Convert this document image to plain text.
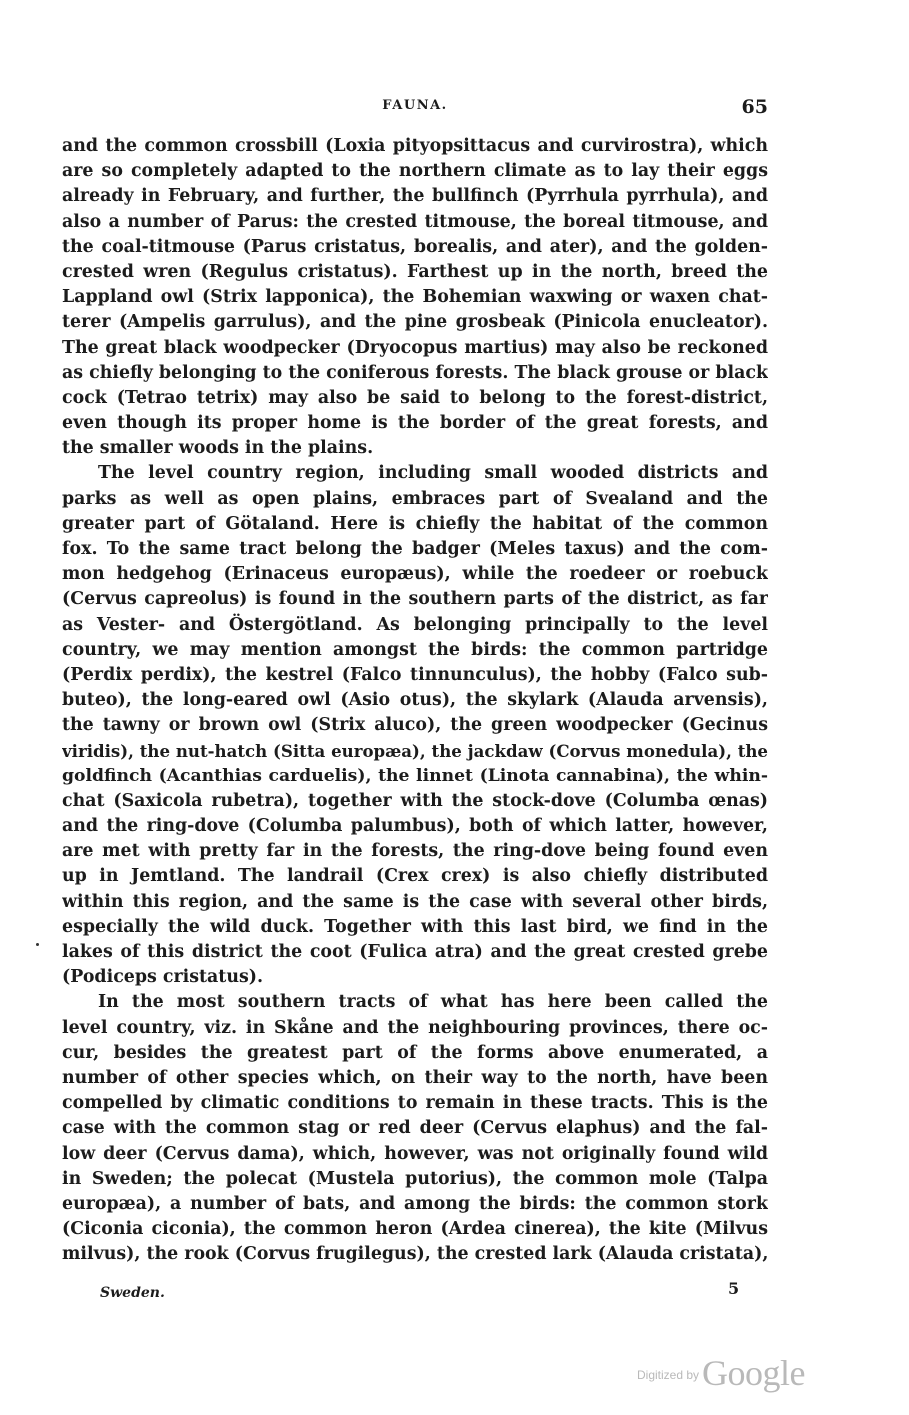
FAUNA.	65
and the common crossbill (Loxia pityopsittacus and curvirostra), which
are so completely adapted to the northern climate as to lay their eggs
already in February, and further, the bullfinch (Pyrrhula pyrrhula), and
also a number of Parus: the crested titmouse, the boreal titmouse, and
the coal-titmouse (Parus cristatus, borealis, and ater), and the golden-
crested wren (Regulus cristatus). Farthest up in the north, breed the
Lappland owl (Strix lapponica), the Bohemian waxwing or waxen chat-
terer (Ampelis garrulus), and the pine grosbeak (Pinicola enucleator).
The great black woodpecker (Dryocopus martius) may also be reckoned
as chiefly belonging to the coniferous forests. The black grouse or black
cock (Tetrao tetrix) may also be said to belong to the forest-district,
even though its proper home is the border of the great forests, and
the smaller woods in the plains.
The level country region, including small wooded districts and
parks as well as open plains, embraces part of Svealand and the
greater part of Götaland. Here is chiefly the habitat of the common
fox. To the same tract belong the badger (Meles taxus) and the com-
mon hedgehog (Erinaceus europæus), while the roedeer or roebuck
(Cervus capreolus) is found in the southern parts of the district, as far
as Vester- and Östergötland. As belonging principally to the level
country, we may mention amongst the birds: the common partridge
(Perdix perdix), the kestrel (Falco tinnunculus), the hobby (Falco sub-
buteo), the long-eared owl (Asio otus), the skylark (Alauda arvensis),
the tawny or brown owl (Strix aluco), the green woodpecker (Gecinus
viridis), the nut-hatch (Sitta europæa), the jackdaw (Corvus monedula), the
goldfinch (Acanthias carduelis), the linnet (Linota cannabina), the whin-
chat (Saxicola rubetra), together with the stock-dove (Columba œnas)
and the ring-dove (Columba palumbus), both of which latter, however,
are met with pretty far in the forests, the ring-dove being found even
up in Jemtland. The landrail (Crex crex) is also chiefly distributed
within this region, and the same is the case with several other birds,
especially the wild duck. Together with this last bird, we find in the
lakes of this district the coot (Fulica atra) and the great crested grebe
(Podiceps cristatus).
In the most southern tracts of what has here been called the
level country, viz. in Skåne and the neighbouring provinces, there oc-
cur, besides the greatest part of the forms above enumerated, a
number of other species which, on their way to the north, have been
compelled by climatic conditions to remain in these tracts. This is the
case with the common stag or red deer (Cervus elaphus) and the fal-
low deer (Cervus dama), which, however, was not originally found wild
in Sweden; the polecat (Mustela putorius), the common mole (Talpa
europæa), a number of bats, and among the birds: the common stork
(Ciconia ciconia), the common heron (Ardea cinerea), the kite (Milvus
milvus), the rook (Corvus frugilegus), the crested lark (Alauda cristata),
Sweden.	5
$^{Digitized by}$Google
